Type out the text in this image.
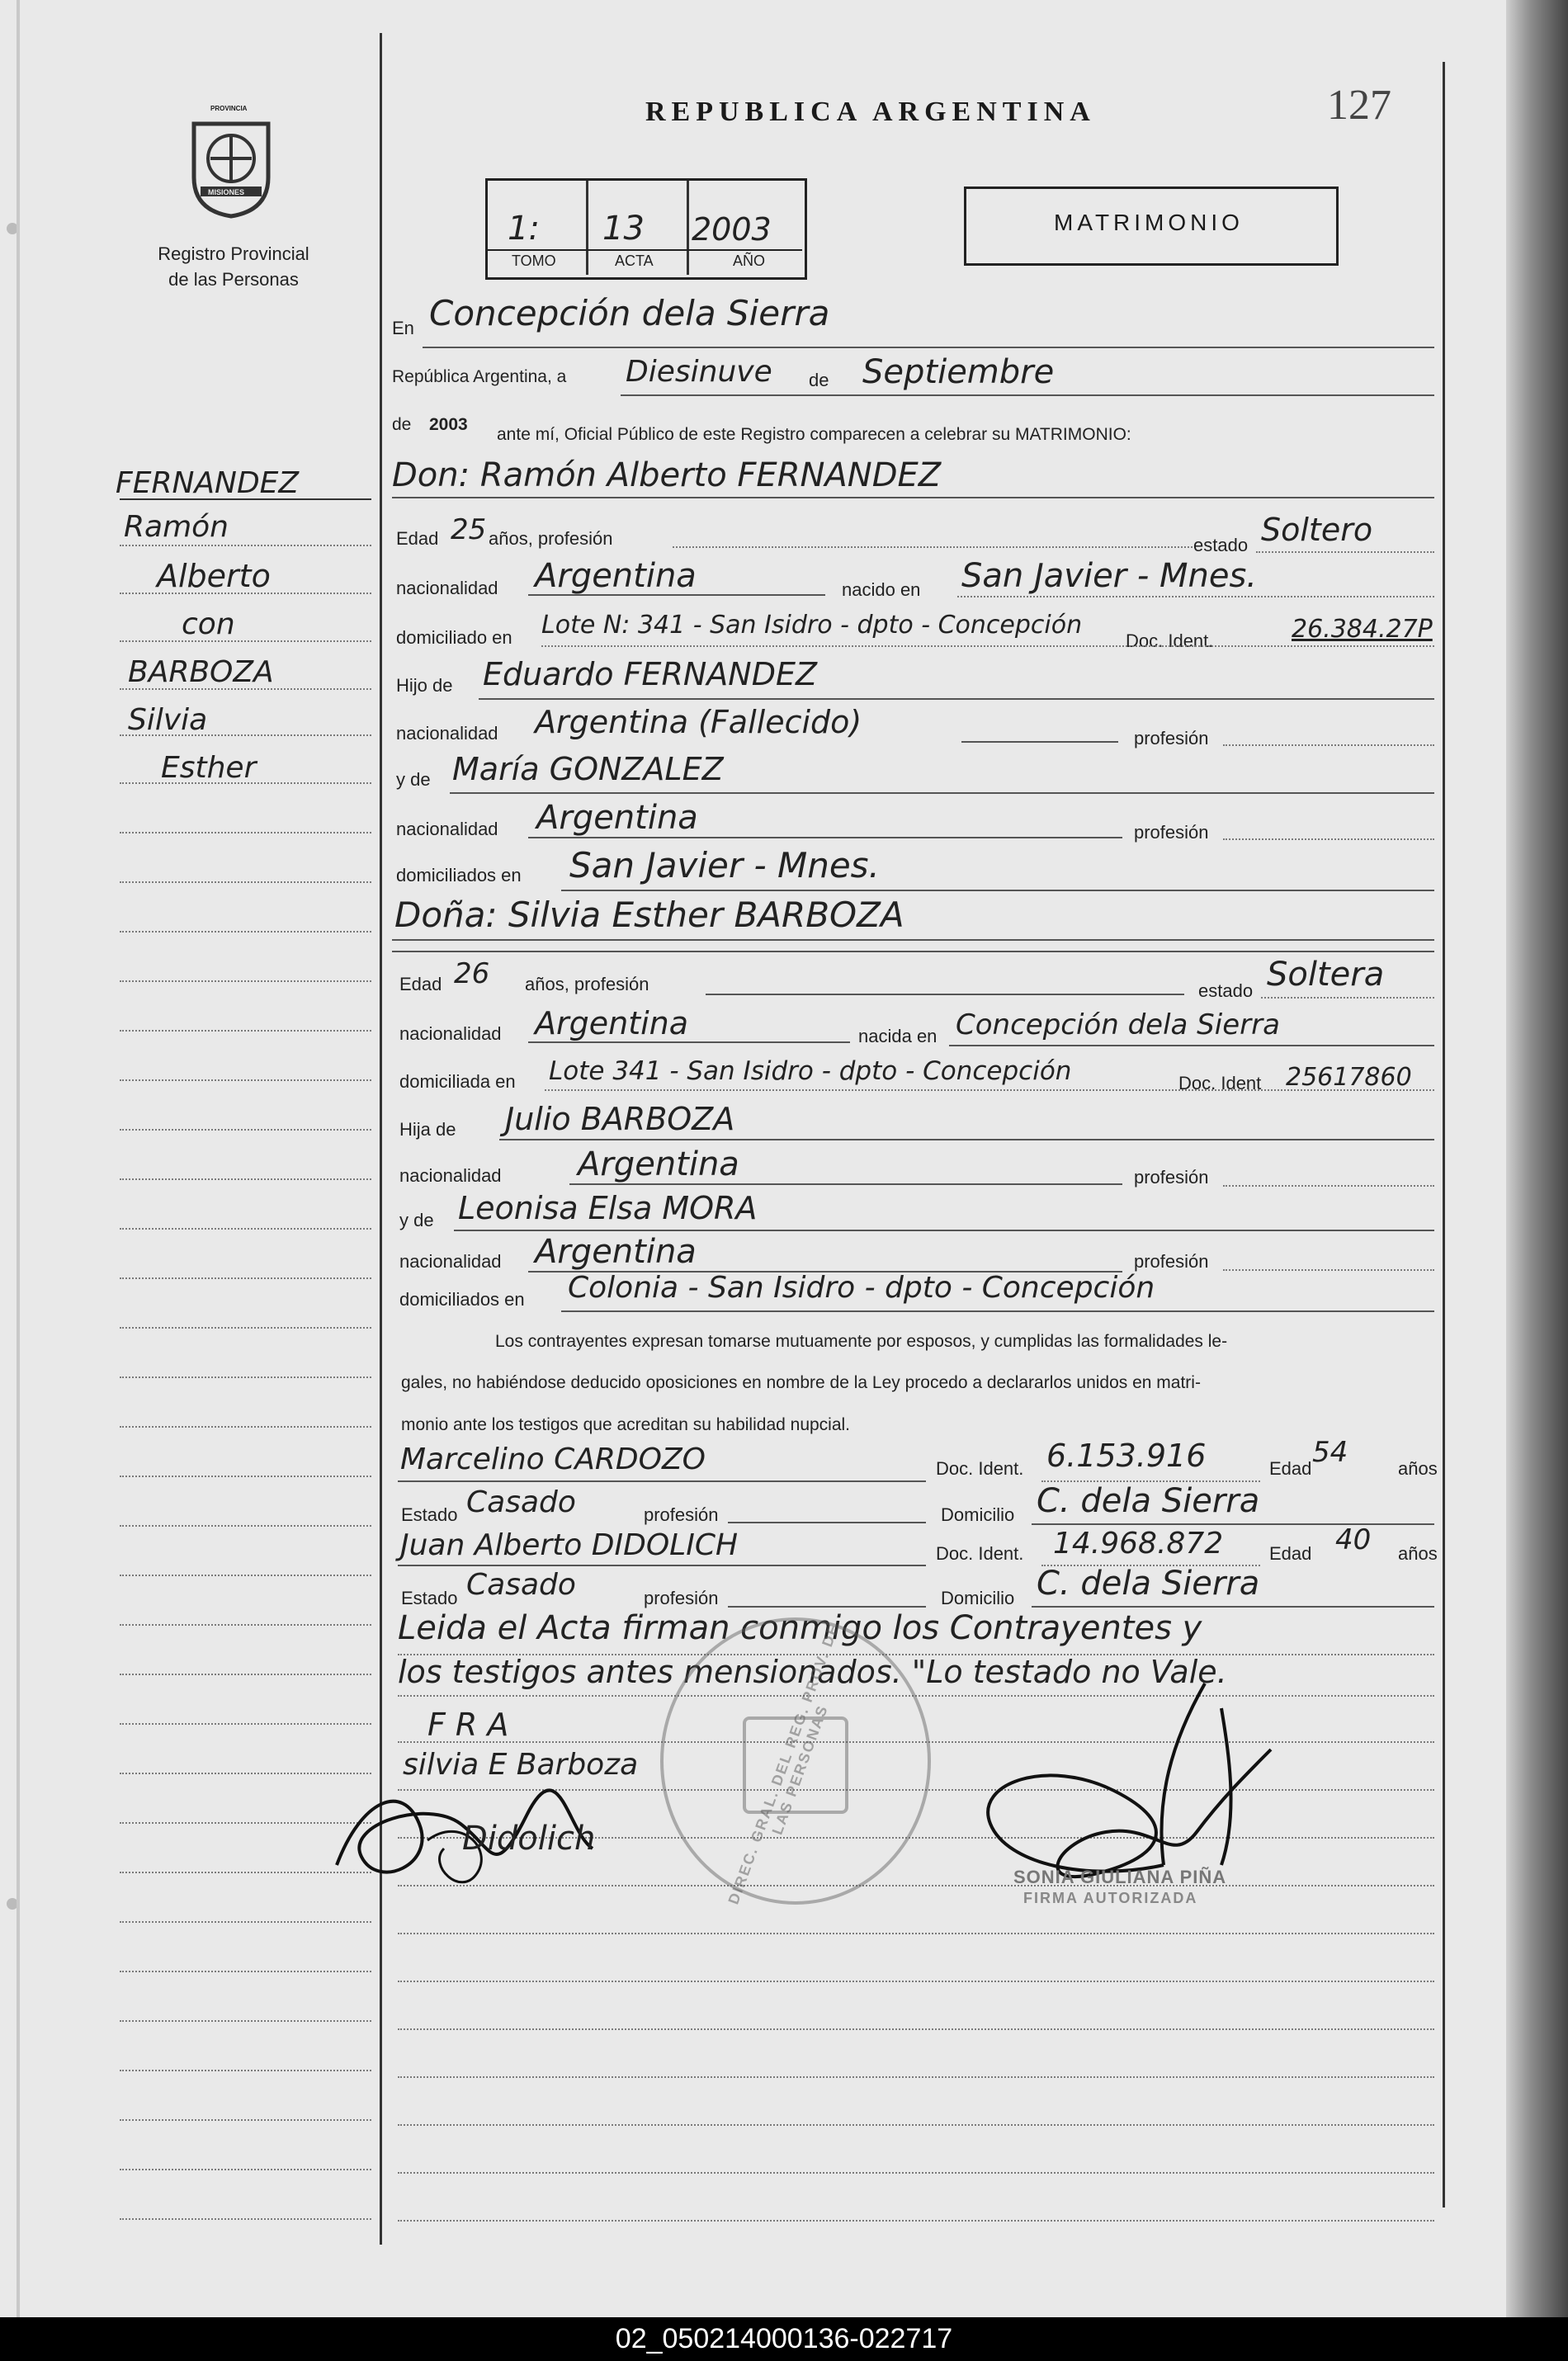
PROVINCIA
MISIONES
Registro Provincial
de las Personas
REPUBLICA ARGENTINA	127
1: 13 2003
TOMO	ACTA	AÑO
MATRIMONIO
FERNANDEZ
Ramón
Alberto
con
BARBOZA
Silvia
Esther
En Concepción dela Sierra
República Argentina, a Diesinuve de Septiembre
de 2003
ante mí, Oficial Público de este Registro comparecen a celebrar su MATRIMONIO:
Don: Ramón Alberto FERNANDEZ
Edad 25 años, profesión	estado Soltero
nacionalidad Argentina	nacido en San Javier - Mnes.
domiciliado en Lote N: 341 - San Isidro - dpto - Concepción
Doc. Ident.	26.384.27P
Hijo de Eduardo FERNANDEZ
nacionalidad Argentina (Fallecido)	profesión
y de María GONZALEZ
nacionalidad Argentina	profesión
domiciliados en San Javier - Mnes.
Doña: Silvia Esther BARBOZA
Edad 26 años, profesión	estado Soltera
nacionalidad Argentina	nacida en Concepción dela Sierra
domiciliada en Lote 341 - San Isidro - dpto - Concepción	Doc. Ident 25617860
Hija de Julio BARBOZA
nacionalidad Argentina	profesión
y de Leonisa Elsa MORA
nacionalidad Argentina	profesión
domiciliados en Colonia - San Isidro - dpto - Concepción
Los contrayentes expresan tomarse mutuamente por esposos, y cumplidas las formalidades le-
gales, no habiéndose deducido oposiciones en nombre de la Ley procedo a declararlos unidos en matri-
monio ante los testigos que acreditan su habilidad nupcial.
Marcelino CARDOZO	Doc. Ident. 6.153.916	Edad 54	años
Estado Casado	profesión	Domicilio C. dela Sierra
Juan Alberto DIDOLICH	Doc. Ident. 14.968.872	Edad 40 años
Estado Casado	profesión	Domicilio C. dela Sierra
Leida el Acta firman conmigo los Contrayentes y
los testigos antes mensionados. "Lo testado no Vale.
DIREC. GRAL. DEL REG. PROV. DE LAS PERSONAS
F R A
silvia E Barboza
Didolich
SONIA GIULIANA PIÑA
FIRMA AUTORIZADA
02_050214000136-022717
